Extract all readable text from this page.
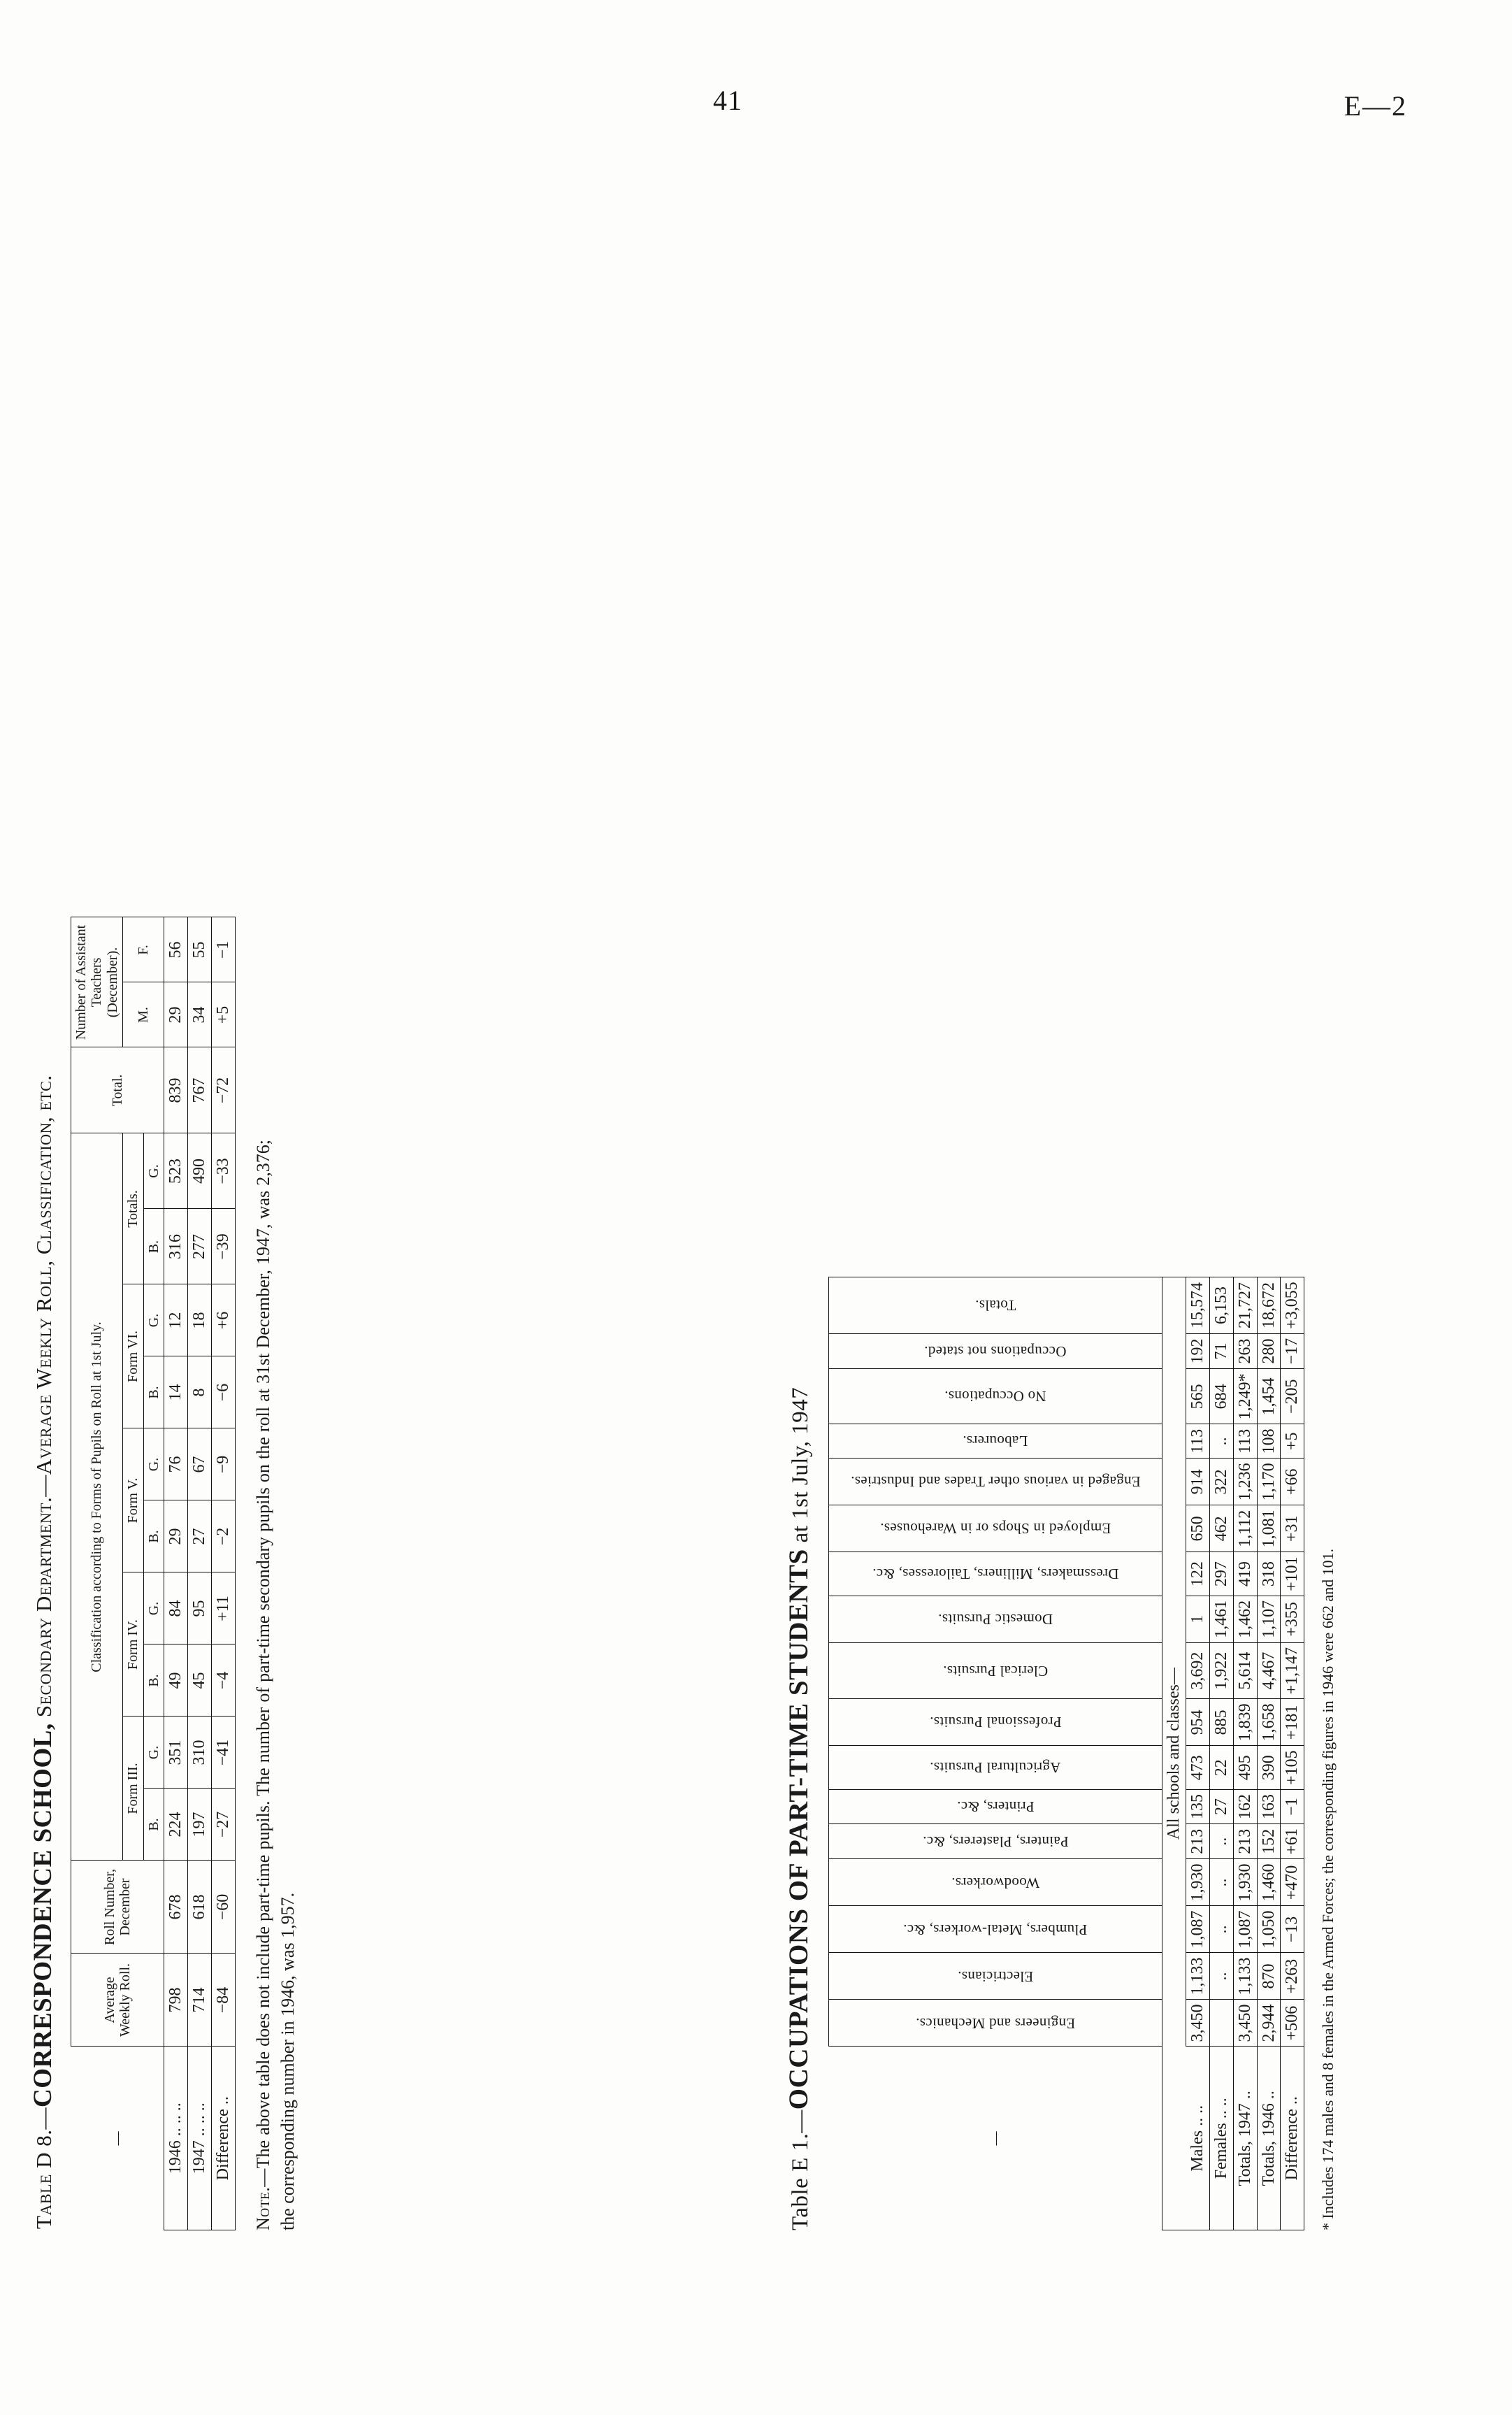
41	E—2
Table D 8.—CORRESPONDENCE SCHOOL, Secondary Department.—Average Weekly Roll, Classification, etc.
—	Average Weekly Roll.	Roll Number, December	Classification according to Forms of Pupils on Roll at 1st July.										Total.	Number of Assistant Teachers (December).	
			Form III.		Form IV.		Form V.		Form VI.		Totals.			M.	F.
			B.	G.	B.	G.	B.	G.	B.	G.	B.	G.			
1946 .. .. ..	798	678	224	351	49	84	29	76	14	12	316	523	839	29	56
1947 .. .. ..	714	618	197	310	45	95	27	67	8	18	277	490	767	34	55
Difference ..	−84	−60	−27	−41	−4	+11	−2	−9	−6	+6	−39	−33	−72	+5	−1
Note.—The above table does not include part-time pupils. The number of part-time secondary pupils on the roll at 31st December, 1947, was 2,376; the corresponding number in 1946, was 1,957.	Table E 1.—OCCUPATIONS OF PART-TIME STUDENTS at 1st July, 1947
—	Engineers and Mechanics.	Electricians.	Plumbers, Metal-workers, &c.	Woodworkers.	Painters, Plasterers, &c.	Printers, &c.	Agricultural Pursuits.	Professional Pursuits.	Clerical Pursuits.	Domestic Pursuits.	Dressmakers, Milliners, Tailoresses, &c.	Employed in Shops or in Warehouses.	Engaged in various other Trades and Industries.	Labourers.	No Occupations.	Occupations not stated.	Totals.

All schools and classes—																	
Males .. ..	3,450	1,133	1,087	1,930	213	135	473	954	3,692	1	122	650	914	113	565	192	15,574
Females .. ..		..	..	..	..	27	22	885	1,922	1,461	297	462	322	..	684	71	6,153
Totals, 1947 ..	3,450	1,133	1,087	1,930	213	162	495	1,839	5,614	1,462	419	1,112	1,236	113	1,249*	263	21,727
Totals, 1946 ..	2,944	870	1,050	1,460	152	163	390	1,658	4,467	1,107	318	1,081	1,170	108	1,454	280	18,672
Difference ..	+506	+263	−13	+470	+61	−1	+105	+181	+1,147	+355	+101	+31	+66	+5	−205	−17	+3,055
* Includes 174 males and 8 females in the Armed Forces; the corresponding figures in 1946 were 662 and 101.
